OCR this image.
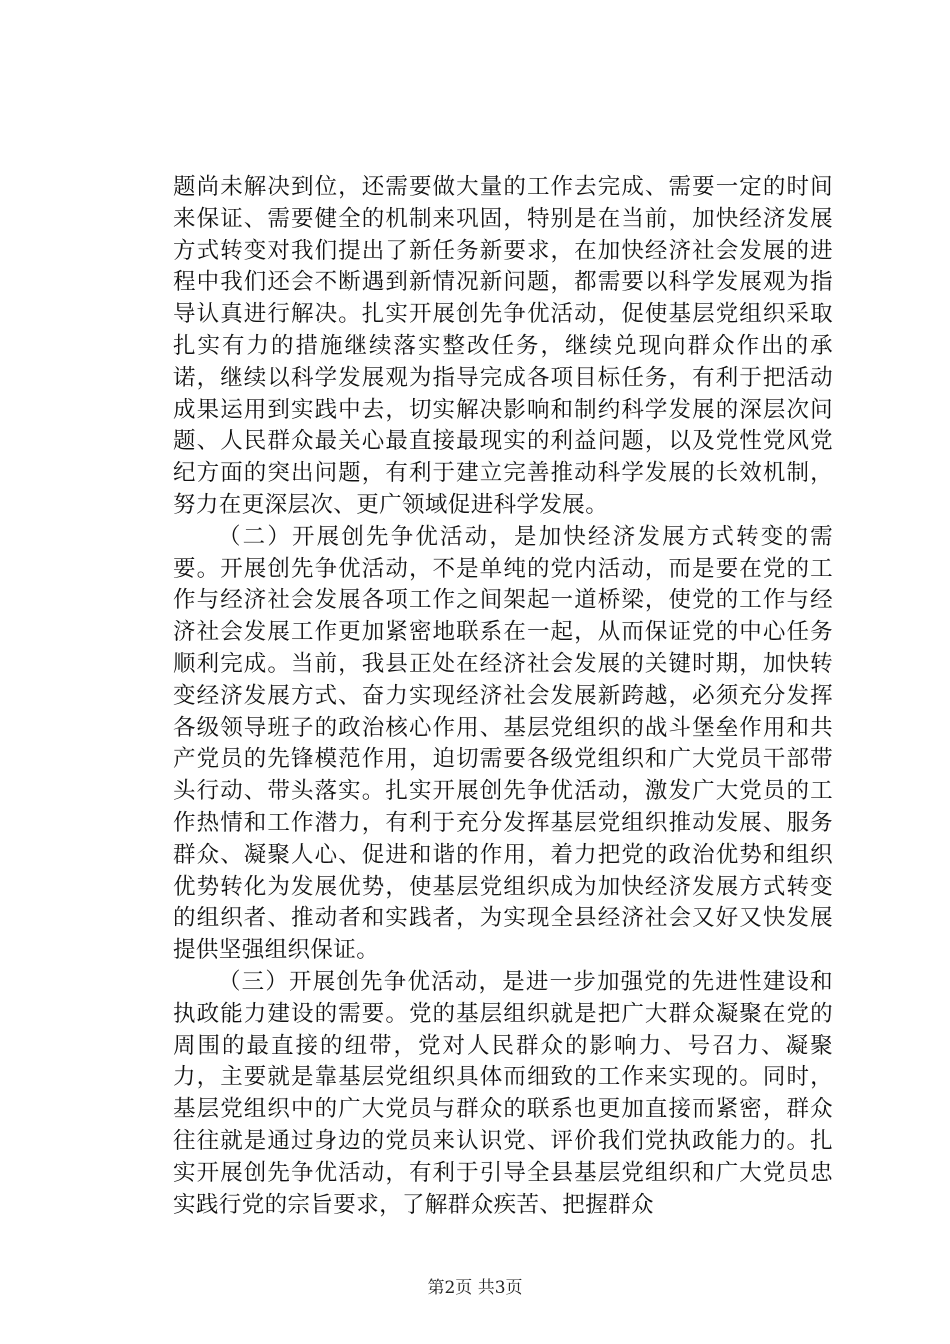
题尚未解决到位，还需要做大量的工作去完成、需要一定的时间来保证、需要健全的机制来巩固，特别是在当前，加快经济发展方式转变对我们提出了新任务新要求，在加快经济社会发展的进程中我们还会不断遇到新情况新问题，都需要以科学发展观为指导认真进行解决。扎实开展创先争优活动，促使基层党组织采取扎实有力的措施继续落实整改任务，继续兑现向群众作出的承诺，继续以科学发展观为指导完成各项目标任务，有利于把活动成果运用到实践中去，切实解决影响和制约科学发展的深层次问题、人民群众最关心最直接最现实的利益问题，以及党性党风党纪方面的突出问题，有利于建立完善推动科学发展的长效机制，努力在更深层次、更广领域促进科学发展。

（二）开展创先争优活动，是加快经济发展方式转变的需要。开展创先争优活动，不是单纯的党内活动，而是要在党的工作与经济社会发展各项工作之间架起一道桥梁，使党的工作与经济社会发展工作更加紧密地联系在一起，从而保证党的中心任务顺利完成。当前，我县正处在经济社会发展的关键时期，加快转变经济发展方式、奋力实现经济社会发展新跨越，必须充分发挥各级领导班子的政治核心作用、基层党组织的战斗堡垒作用和共产党员的先锋模范作用，迫切需要各级党组织和广大党员干部带头行动、带头落实。扎实开展创先争优活动，激发广大党员的工作热情和工作潜力，有利于充分发挥基层党组织推动发展、服务群众、凝聚人心、促进和谐的作用，着力把党的政治优势和组织优势转化为发展优势，使基层党组织成为加快经济发展方式转变的组织者、推动者和实践者，为实现全县经济社会又好又快发展提供坚强组织保证。

（三）开展创先争优活动，是进一步加强党的先进性建设和执政能力建设的需要。党的基层组织就是把广大群众凝聚在党的周围的最直接的纽带，党对人民群众的影响力、号召力、凝聚力，主要就是靠基层党组织具体而细致的工作来实现的。同时，基层党组织中的广大党员与群众的联系也更加直接而紧密，群众往往就是通过身边的党员来认识党、评价我们党执政能力的。扎实开展创先争优活动，有利于引导全县基层党组织和广大党员忠实践行党的宗旨要求，了解群众疾苦、把握群众

第2页 共3页
